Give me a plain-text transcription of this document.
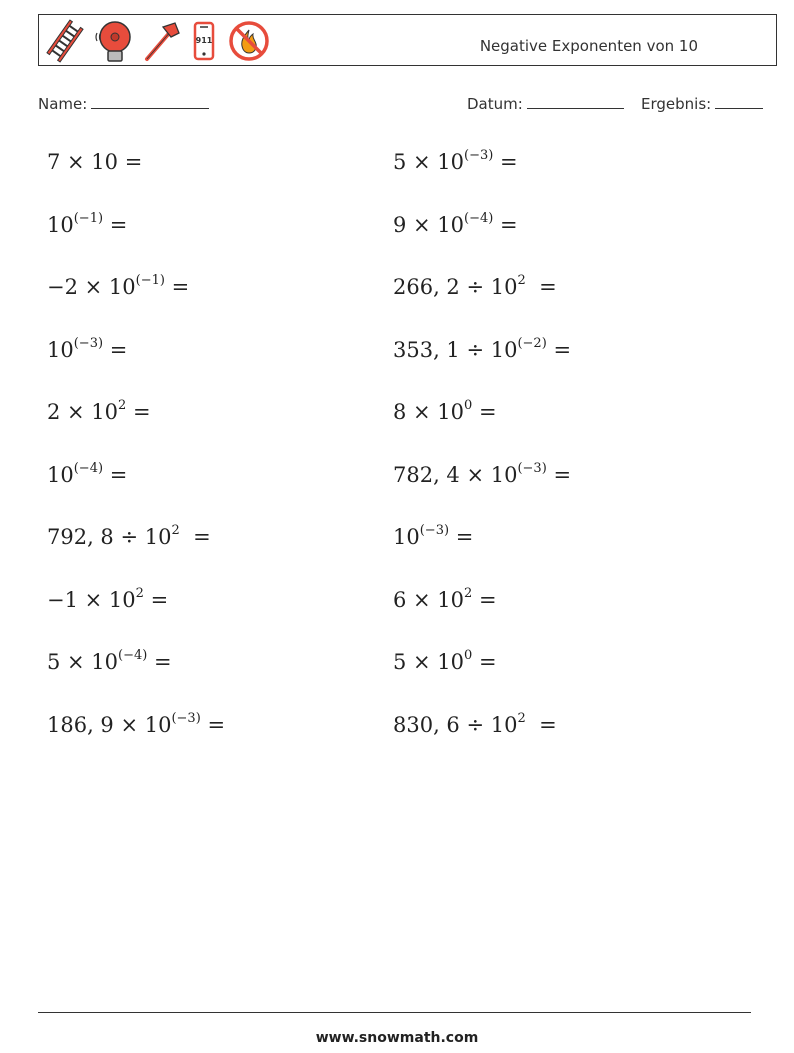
911	Negative Exponenten von 10
Name:	Datum:	Ergebnis:
7 × 10 =	$5 \times 10^{(-3)}$ =
$10^{(-1)}$ =	$9 \times 10^{(-4)}$ =
$-2 \times 10^{(-1)}$ =	266, $2 \div 10^2$  =
$10^{(-3)}$ =	353, $1 \div 10^{(-2)}$ =
$2 \times 10^2$ =	$8 \times 10^0$ =
$10^{(-4)}$ =	782, $4 \times 10^{(-3)}$ =
792, $8 \div 10^2$  =	$10^{(-3)}$ =
$-1 \times 10^2$ =	$6 \times 10^2$ =
$5 \times 10^{(-4)}$ =	$5 \times 10^0$ =
186, $9 \times 10^{(-3)}$ =	830, $6 \div 10^2$  =
www.snowmath.com
